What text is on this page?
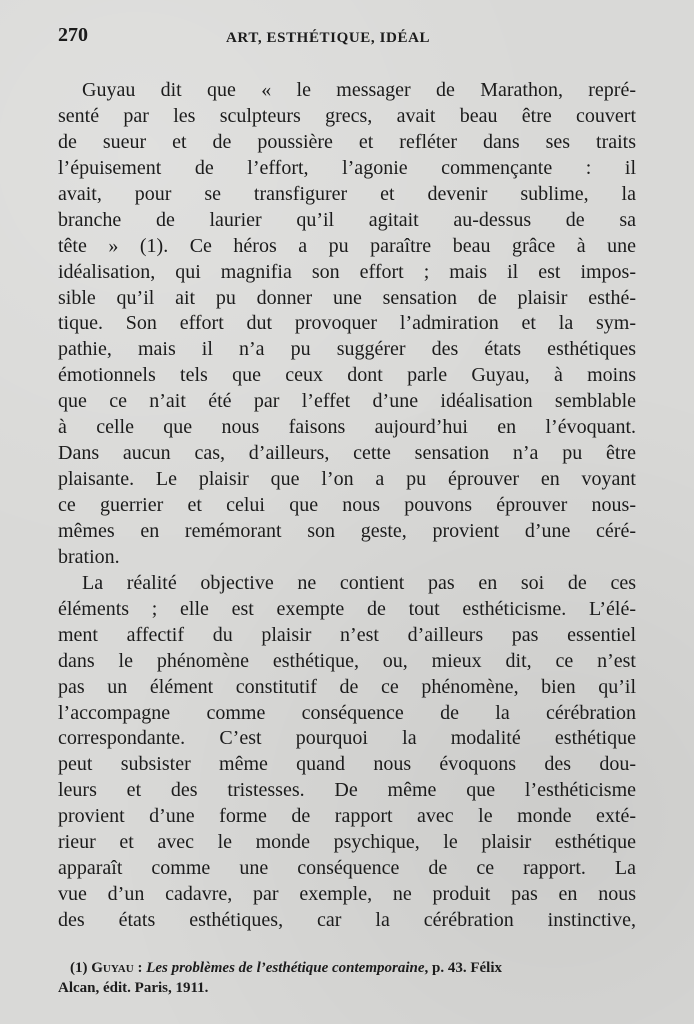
270	ART, ESTHÉTIQUE, IDÉAL
Guyau dit que « le messager de Marathon, repré-
senté par les sculpteurs grecs, avait beau être couvert
de sueur et de poussière et refléter dans ses traits
l’épuisement de l’effort, l’agonie commençante : il
avait, pour se transfigurer et devenir sublime, la
branche de laurier qu’il agitait au-dessus de sa
tête » (1). Ce héros a pu paraître beau grâce à une
idéalisation, qui magnifia son effort ; mais il est impos-
sible qu’il ait pu donner une sensation de plaisir esthé-
tique. Son effort dut provoquer l’admiration et la sym-
pathie, mais il n’a pu suggérer des états esthétiques
émotionnels tels que ceux dont parle Guyau, à moins
que ce n’ait été par l’effet d’une idéalisation semblable
à celle que nous faisons aujourd’hui en l’évoquant.
Dans aucun cas, d’ailleurs, cette sensation n’a pu être
plaisante. Le plaisir que l’on a pu éprouver en voyant
ce guerrier et celui que nous pouvons éprouver nous-
mêmes en remémorant son geste, provient d’une céré-
bration.
La réalité objective ne contient pas en soi de ces
éléments ; elle est exempte de tout esthéticisme. L’élé-
ment affectif du plaisir n’est d’ailleurs pas essentiel
dans le phénomène esthétique, ou, mieux dit, ce n’est
pas un élément constitutif de ce phénomène, bien qu’il
l’accompagne comme conséquence de la cérébration
correspondante. C’est pourquoi la modalité esthétique
peut subsister même quand nous évoquons des dou-
leurs et des tristesses. De même que l’esthéticisme
provient d’une forme de rapport avec le monde exté-
rieur et avec le monde psychique, le plaisir esthétique
apparaît comme une conséquence de ce rapport. La
vue d’un cadavre, par exemple, ne produit pas en nous
des états esthétiques, car la cérébration instinctive,
(1) Guyau : Les problèmes de l’esthétique contemporaine, p. 43. Félix
Alcan, édit. Paris, 1911.
